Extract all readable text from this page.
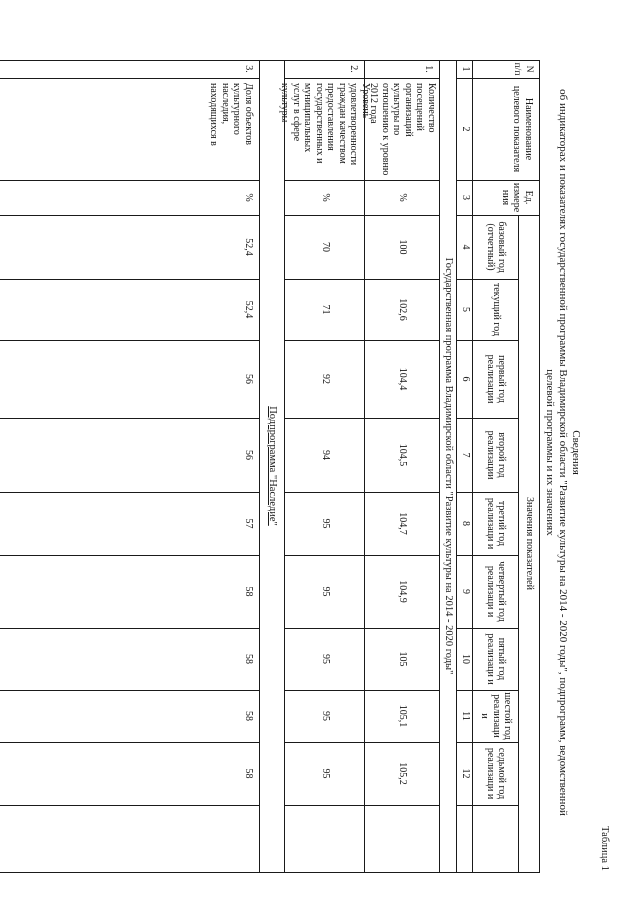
Таблица 1
Сведения
об индикаторах и показателях государственной программы Владимирской области "Развитие культуры на 2014 - 2020 годы", подпрограмм, ведомственной
целевой программы и их значениях
N п/п
Наименование целевого показателя
Ед. измере ния
Значения показателей
базовый год (отчетный)
текущий год
первый год реализации
второй год реализации
третий год реализаци и
четвертый год реализаци и
пятый год реализаци и
шестой год реализаци и
седьмой год реализаци и
1
2
3
4
5
6
7
8
9
10
11
12
Государственная программа Владимирской области "Развитие культуры на 2014 - 2020 годы"
1.
Количество посещений организаций культуры по отношению к уровню 2012 года
%
100
102,6
104,4
104,5
104,7
104,9
105
105,1
105,2
2.
Уровень удовлетворенности граждан качеством предоставления государственных и муниципальных услуг в сфере культуры
%
70
71
92
94
95
95
95
95
95
Подпрограмма "Наследие"
3.
Доля объектов культурного наследия, находящихся в
%
52,4
52,4
56
56
57
58
58
58
58
